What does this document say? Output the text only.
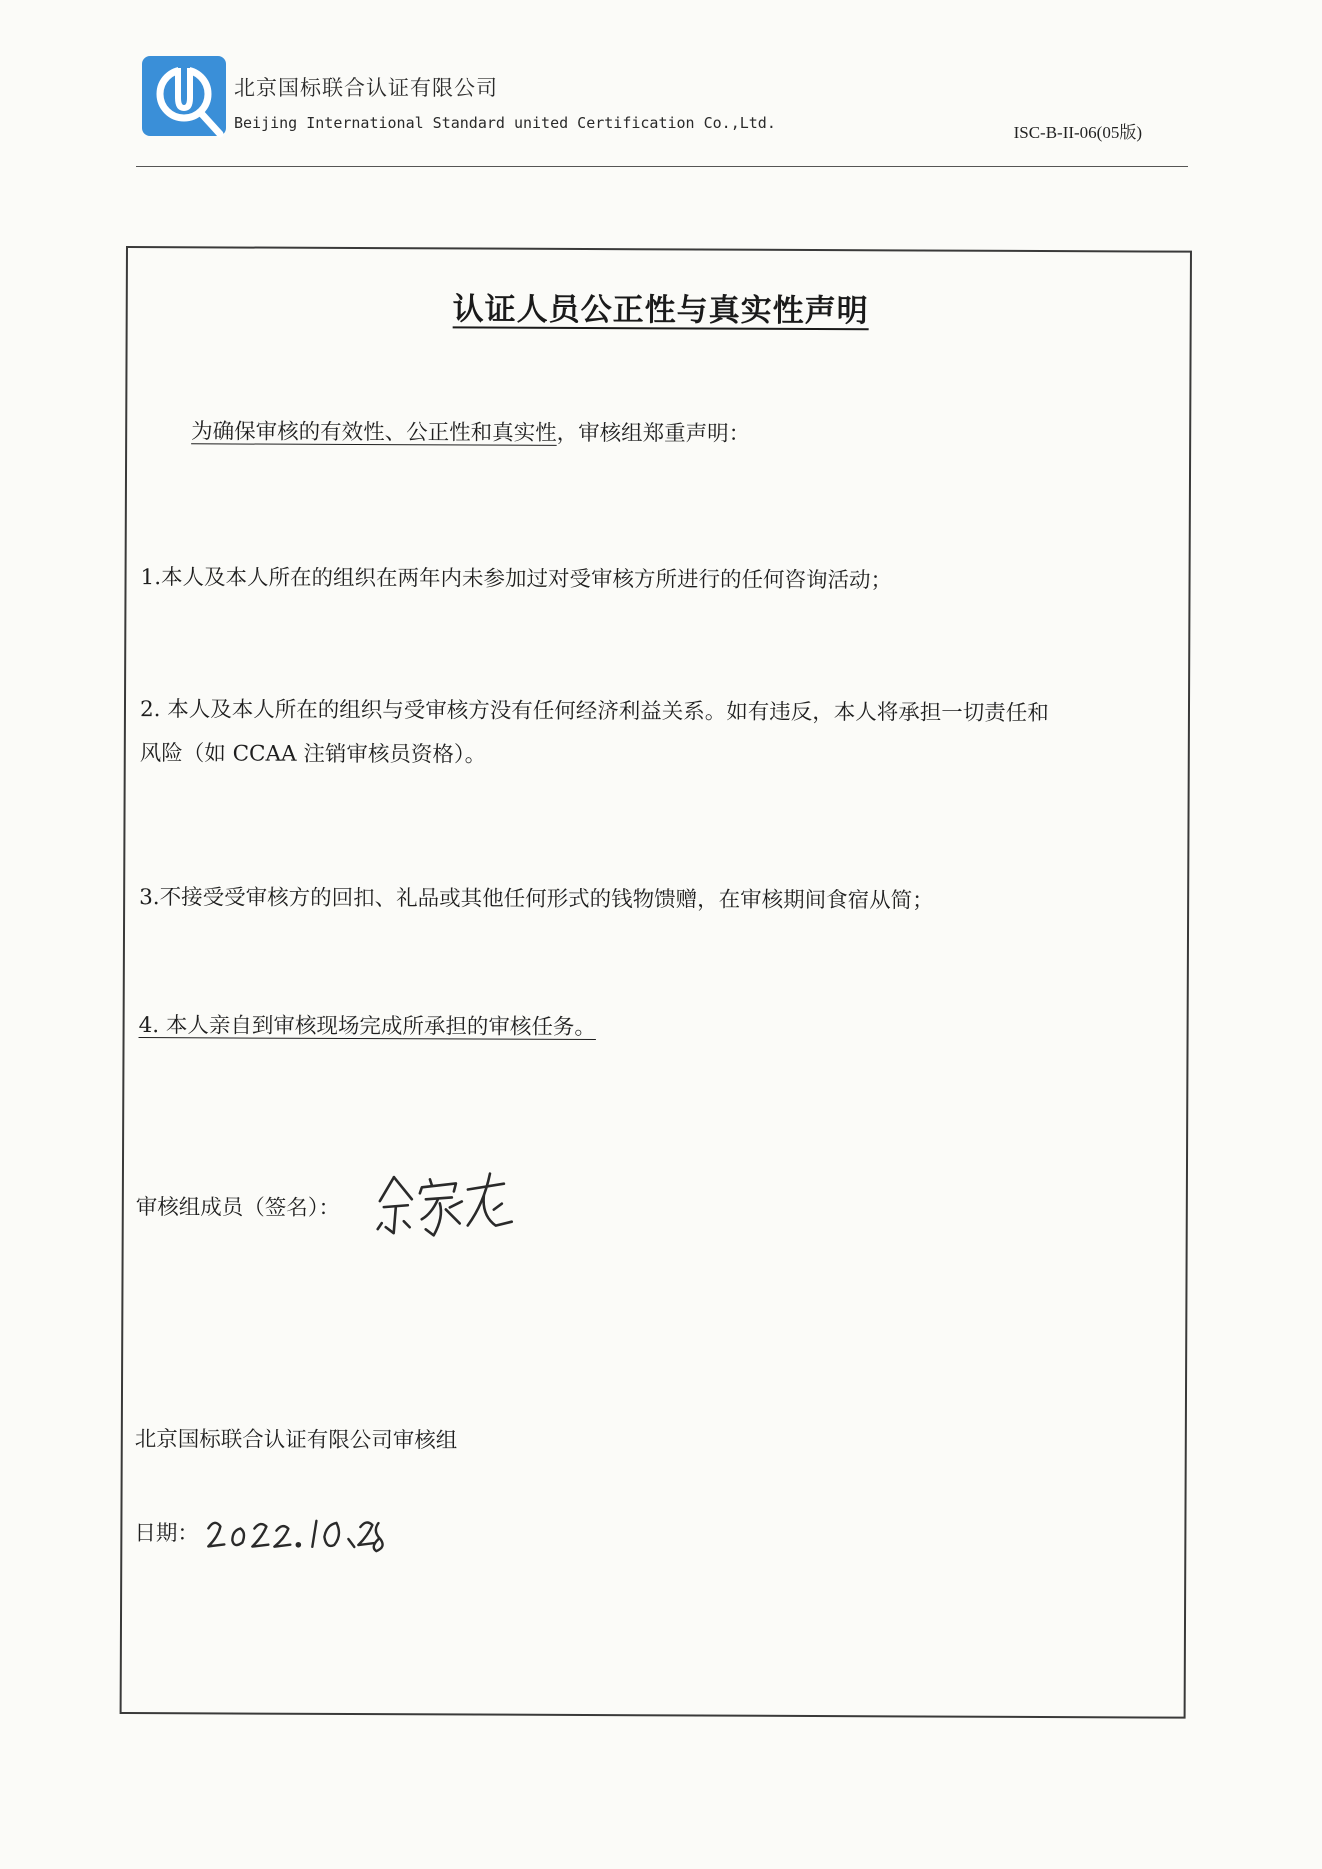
北京国标联合认证有限公司
Beijing International Standard united Certification Co.,Ltd.	ISC-B-II-06(05版)
认证人员公正性与真实性声明
为确保审核的有效性、公正性和真实性，审核组郑重声明：
1.本人及本人所在的组织在两年内未参加过对受审核方所进行的任何咨询活动；
2. 本人及本人所在的组织与受审核方没有任何经济利益关系。如有违反，本人将承担一切责任和
风险（如 CCAA 注销审核员资格）。
3.不接受受审核方的回扣、礼品或其他任何形式的钱物馈赠，在审核期间食宿从简；
4. 本人亲自到审核现场完成所承担的审核任务。
审核组成员（签名）：
北京国标联合认证有限公司审核组
日期：
